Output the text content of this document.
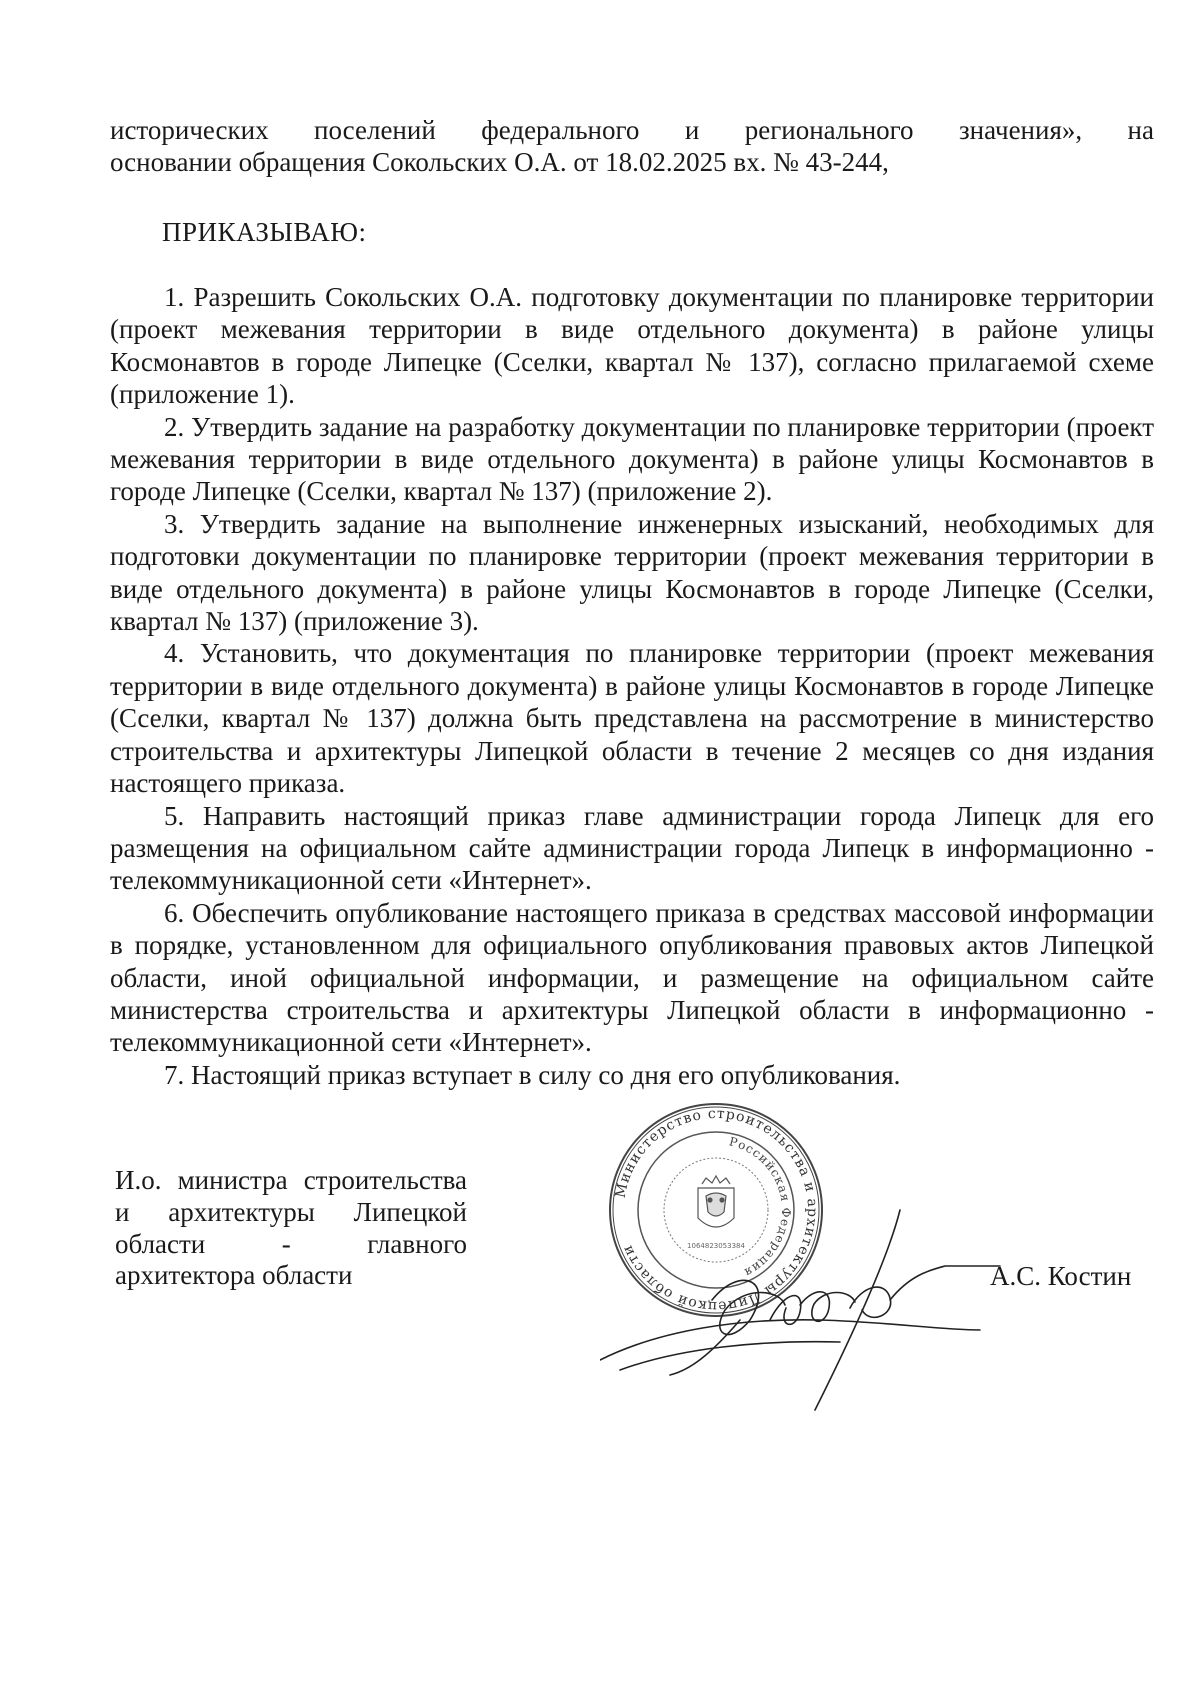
исторических поселений федерального и регионального значения», на

основании обращения Сокольских О.А. от 18.02.2025 вх. № 43-244,

ПРИКАЗЫВАЮ:

1. Разрешить Сокольских О.А. подготовку документации по планировке территории (проект межевания территории в виде отдельного документа) в районе улицы Космонавтов в городе Липецке (Сселки, квартал № 137), согласно прилагаемой схеме (приложение 1).

2. Утвердить задание на разработку документации по планировке территории (проект межевания территории в виде отдельного документа) в районе улицы Космонавтов в городе Липецке (Сселки, квартал № 137) (приложение 2).

3. Утвердить задание на выполнение инженерных изысканий, необходимых для подготовки документации по планировке территории (проект межевания территории в виде отдельного документа) в районе улицы Космонавтов в городе Липецке (Сселки, квартал № 137) (приложение 3).

4. Установить, что документация по планировке территории (проект межевания территории в виде отдельного документа) в районе улицы Космонавтов в городе Липецке (Сселки, квартал № 137) должна быть представлена на рассмотрение в министерство строительства и архитектуры Липецкой области в течение 2 месяцев со дня издания настоящего приказа.

5. Направить настоящий приказ главе администрации города Липецк для его размещения на официальном сайте администрации города Липецк в информационно - телекоммуникационной сети «Интернет».

6. Обеспечить опубликование настоящего приказа в средствах массовой информации в порядке, установленном для официального опубликования правовых актов Липецкой области, иной официальной информации, и размещение на официальном сайте министерства строительства и архитектуры Липецкой области в информационно - телекоммуникационной сети «Интернет».

7. Настоящий приказ вступает в силу со дня его опубликования.

И.о. министра строительства и архитектуры Липецкой области - главного архитектора области
Министерство строительства и архитектуры Липецкой области
Российская Федерация
1064823053384
А.С. Костин
